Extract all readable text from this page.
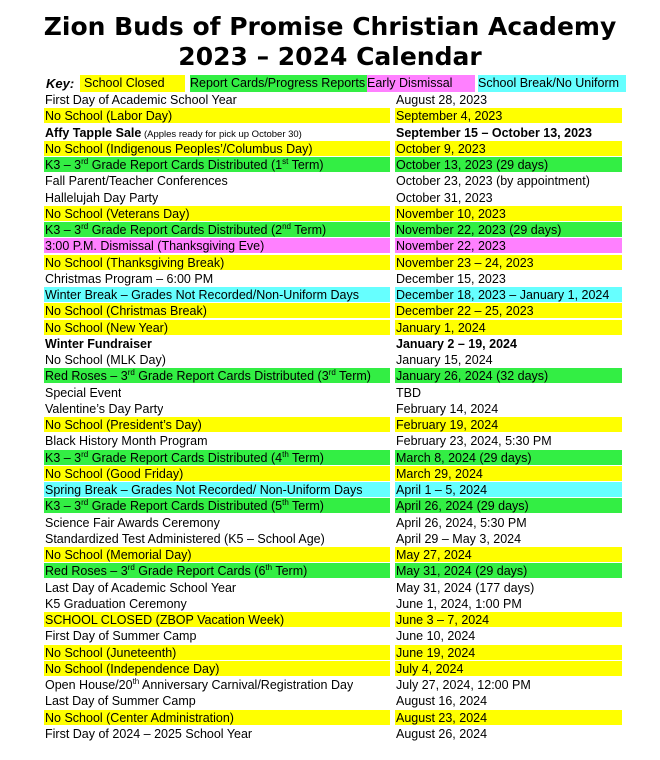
Zion Buds of Promise Christian Academy
2023 – 2024 Calendar
Key: School Closed	Report Cards/Progress Reports Early Dismissal	School Break/No Uniform
First Day of Academic School Year	August 28, 2023
No School (Labor Day)	September 4, 2023
Affy Tapple Sale (Apples ready for pick up October 30)	September 15 – October 13, 2023
No School (Indigenous Peoples’/Columbus Day)	October 9, 2023
K3 – 3rd Grade Report Cards Distributed (1st Term)	October 13, 2023 (29 days)
Fall Parent/Teacher Conferences	October 23, 2023 (by appointment)
Hallelujah Day Party	October 31, 2023
No School (Veterans Day)	November 10, 2023
K3 – 3rd Grade Report Cards Distributed (2nd Term)	November 22, 2023 (29 days)
3:00 P.M. Dismissal (Thanksgiving Eve)	November 22, 2023
No School (Thanksgiving Break)	November 23 – 24, 2023
Christmas Program – 6:00 PM	December 15, 2023
Winter Break – Grades Not Recorded/Non-Uniform Days	December 18, 2023 – January 1, 2024
No School (Christmas Break)	December 22 – 25, 2023
No School (New Year)	January 1, 2024
Winter Fundraiser	January 2 – 19, 2024
No School (MLK Day)	January 15, 2024
Red Roses – 3rd Grade Report Cards Distributed (3rd Term)	January 26, 2024 (32 days)
Special Event	TBD
Valentine’s Day Party	February 14, 2024
No School (President’s Day)	February 19, 2024
Black History Month Program	February 23, 2024, 5:30 PM
K3 – 3rd Grade Report Cards Distributed (4th Term)	March 8, 2024 (29 days)
No School (Good Friday)	March 29, 2024
Spring Break – Grades Not Recorded/ Non-Uniform Days	April 1 – 5, 2024
K3 – 3rd Grade Report Cards Distributed (5th Term)	April 26, 2024 (29 days)
Science Fair Awards Ceremony	April 26, 2024, 5:30 PM
Standardized Test Administered (K5 – School Age)	April 29 – May 3, 2024
No School (Memorial Day)	May 27, 2024
Red Roses – 3rd Grade Report Cards (6th Term)	May 31, 2024 (29 days)
Last Day of Academic School Year	May 31, 2024 (177 days)
K5 Graduation Ceremony	June 1, 2024, 1:00 PM
SCHOOL CLOSED (ZBOP Vacation Week)	June 3 – 7, 2024
First Day of Summer Camp	June 10, 2024
No School (Juneteenth)	June 19, 2024
No School (Independence Day)	July 4, 2024
Open House/20th Anniversary Carnival/Registration Day	July 27, 2024, 12:00 PM
Last Day of Summer Camp	August 16, 2024
No School (Center Administration)	August 23, 2024
First Day of 2024 – 2025 School Year	August 26, 2024
